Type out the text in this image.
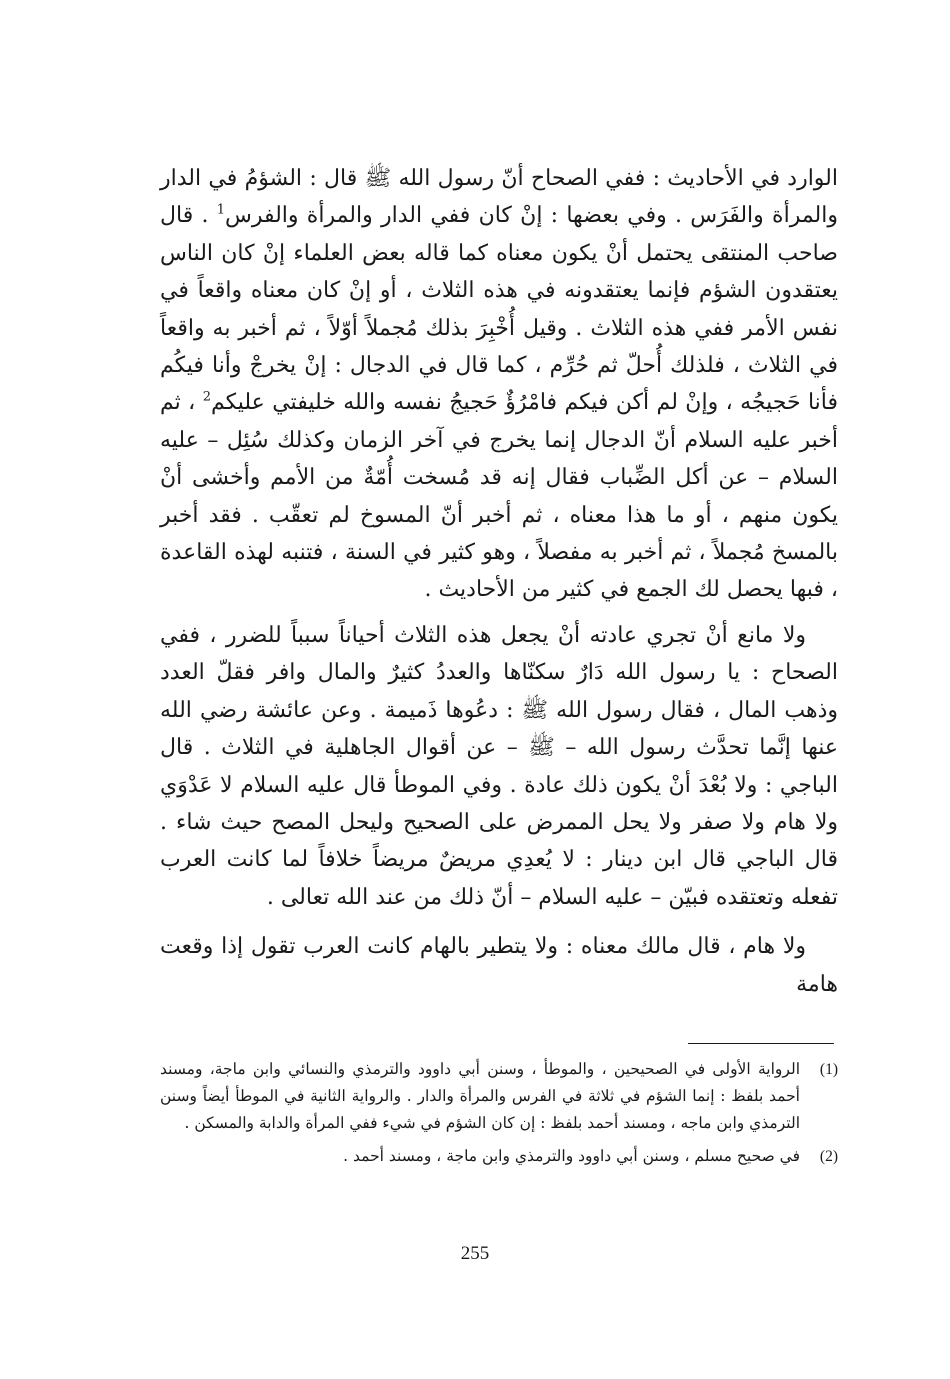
الوارد في الأحاديث : ففي الصحاح أنّ رسول الله ﷺ قال : الشؤمُ في الدار والمرأة والفَرَس . وفي بعضها : إنْ كان ففي الدار والمرأة والفرس$^1$ . قال صاحب المنتقى يحتمل أنْ يكون معناه كما قاله بعض العلماء إنْ كان الناس يعتقدون الشؤم فإنما يعتقدونه في هذه الثلاث ، أو إنْ كان معناه واقعاً في نفس الأمر ففي هذه الثلاث . وقيل أُخْبِرَ بذلك مُجملاً أوّلاً ، ثم أخبر به واقعاً في الثلاث ، فلذلك أُحلّ ثم حُرِّم ، كما قال في الدجال : إنْ يخرجْ وأنا فيكُم فأنا حَجيجُه ، وإنْ لم أكن فيكم فامْرُؤٌ حَجيجُ نفسه والله خليفتي عليكم$^2$ ، ثم أخبر عليه السلام أنّ الدجال إنما يخرج في آخر الزمان وكذلك سُئِل – عليه السلام – عن أكل الضِّباب فقال إنه قد مُسخت أُمّةٌ من الأمم وأخشى أنْ يكون منهم ، أو ما هذا معناه ، ثم أخبر أنّ المسوخ لم تعقّب . فقد أخبر بالمسخ مُجملاً ، ثم أخبر به مفصلاً ، وهو كثير في السنة ، فتنبه لهذه القاعدة ، فبها يحصل لك الجمع في كثير من الأحاديث .

ولا مانع أنْ تجري عادته أنْ يجعل هذه الثلاث أحياناً سبباً للضرر ، ففي الصحاح : يا رسول الله دَارٌ سكنّاها والعددُ كثيرٌ والمال وافر فقلّ العدد وذهب المال ، فقال رسول الله ﷺ : دعُوها ذَميمة . وعن عائشة رضي الله عنها إنَّما تحدَّث رسول الله – ﷺ – عن أقوال الجاهلية في الثلاث . قال الباجي : ولا بُعْدَ أنْ يكون ذلك عادة . وفي الموطأ قال عليه السلام لا عَدْوَي ولا هام ولا صفر ولا يحل الممرض على الصحيح وليحل المصح حيث شاء . قال الباجي قال ابن دينار : لا يُعدِي مريضٌ مريضاً خلافاً لما كانت العرب تفعله وتعتقده فبيّن – عليه السلام – أنّ ذلك من عند الله تعالى .

ولا هام ، قال مالك معناه : ولا يتطير بالهام كانت العرب تقول إذا وقعت هامة

(1)
الرواية الأولى في الصحيحين ، والموطأ ، وسنن أبي داوود والترمذي والنسائي وابن ماجة، ومسند أحمد بلفظ : إنما الشؤم في ثلاثة في الفرس والمرأة والدار . والرواية الثانية في الموطأ أيضاً وسنن الترمذي وابن ماجه ، ومسند أحمد بلفظ : إن كان الشؤم في شيء ففي المرأة والدابة والمسكن .
(2)
في صحيح مسلم ، وسنن أبي داوود والترمذي وابن ماجة ، ومسند أحمد .
255
